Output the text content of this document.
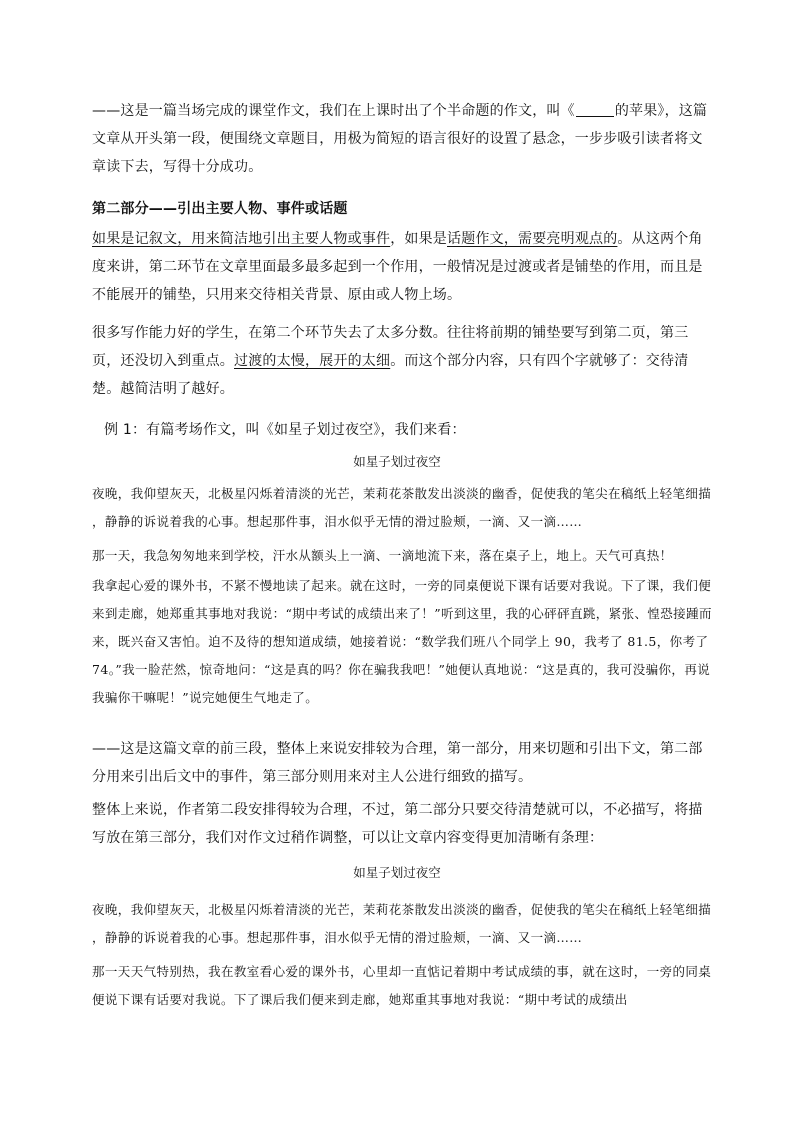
——这是一篇当场完成的课堂作文，我们在上课时出了个半命题的作文，叫《	的苹果》，这篇文章从开头第一段，便围绕文章题目，用极为简短的语言很好的设置了悬念，一步步吸引读者将文章读下去，写得十分成功。

第二部分——引出主要人物、事件或话题

如果是记叙文，用来简洁地引出主要人物或事件，如果是话题作文，需要亮明观点的。从这两个角度来讲，第二环节在文章里面最多最多起到一个作用，一般情况是过渡或者是铺垫的作用，而且是不能展开的铺垫，只用来交待相关背景、原由或人物上场。

很多写作能力好的学生，在第二个环节失去了太多分数。往往将前期的铺垫要写到第二页，第三页，还没切入到重点。过渡的太慢，展开的太细。而这个部分内容，只有四个字就够了：交待清楚。越简洁明了越好。

例 1：有篇考场作文，叫《如星子划过夜空》，我们来看：

如星子划过夜空

夜晚，我仰望灰天，北极星闪烁着清淡的光芒，茉莉花茶散发出淡淡的幽香，促使我的笔尖在稿纸上轻笔细描 ，静静的诉说着我的心事。想起那件事，泪水似乎无情的滑过脸颊，一滴、又一滴……

那一天，我急匆匆地来到学校，汗水从额头上一滴、一滴地流下来，落在桌子上，地上。天气可真热！

我拿起心爱的课外书，不紧不慢地读了起来。就在这时，一旁的同桌便说下课有话要对我说。下了课，我们便来到走廊，她郑重其事地对我说：“期中考试的成绩出来了！”听到这里，我的心砰砰直跳，紧张、惶恐接踵而来，既兴奋又害怕。迫不及待的想知道成绩，她接着说：“数学我们班八个同学上 90，我考了 81.5，你考了 74。”我一脸茫然，惊奇地问：“这是真的吗？你在骗我我吧！”她便认真地说：“这是真的，我可没骗你，再说我骗你干嘛呢！”说完她便生气地走了。

——这是这篇文章的前三段，整体上来说安排较为合理，第一部分，用来切题和引出下文，第二部分用来引出后文中的事件，第三部分则用来对主人公进行细致的描写。

整体上来说，作者第二段安排得较为合理，不过，第二部分只要交待清楚就可以，不必描写，将描写放在第三部分，我们对作文过稍作调整，可以让文章内容变得更加清晰有条理：

如星子划过夜空

夜晚，我仰望灰天，北极星闪烁着清淡的光芒，茉莉花茶散发出淡淡的幽香，促使我的笔尖在稿纸上轻笔细描 ，静静的诉说着我的心事。想起那件事，泪水似乎无情的滑过脸颊，一滴、又一滴……

那一天天气特别热，我在教室看心爱的课外书，心里却一直惦记着期中考试成绩的事，就在这时，一旁的同桌便说下课有话要对我说。下了课后我们便来到走廊，她郑重其事地对我说：“期中考试的成绩出
